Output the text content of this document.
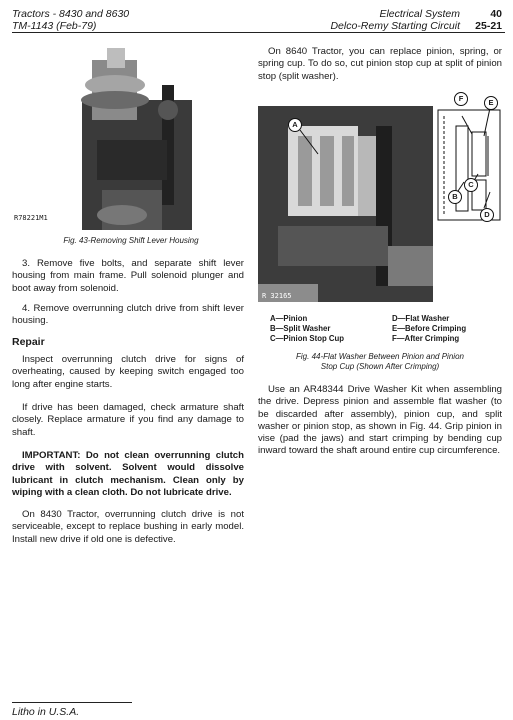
Tractors - 8430 and 8630
TM-1143 (Feb-79)
Electrical System	40
Delco-Remy Starting Circuit	25-21
R78221M1
Fig. 43-Removing Shift Lever Housing
3. Remove five bolts, and separate shift lever housing from main frame. Pull solenoid plunger and boot away from solenoid.
4. Remove overrunning clutch drive from shift lever housing.
Repair
Inspect overrunning clutch drive for signs of overheating, caused by keeping switch engaged too long after engine starts.
If drive has been damaged, check armature shaft closely. Replace armature if you find any damage to shaft.
IMPORTANT: Do not clean overrunning clutch drive with solvent. Solvent would dissolve lubricant in clutch mechanism. Clean only by wiping with a clean cloth. Do not lubricate drive.
On 8430 Tractor, overrunning clutch drive is not serviceable, except to replace bushing in early model. Install new drive if old one is defective.
On 8640 Tractor, you can replace pinion, spring, or spring cup. To do so, cut pinion stop cup at split of pinion stop (split washer).
A
F	E
C
B
D
R 32165
A—Pinion
B—Split Washer
C—Pinion Stop Cup
D—Flat Washer
E—Before Crimping
F—After Crimping
Fig. 44-Flat Washer Between Pinion and Pinion
Stop Cup (Shown After Crimping)
Use an AR48344 Drive Washer Kit when assembling the drive. Depress pinion and assemble flat washer (to be discarded after assembly), pinion cup, and split washer or pinion stop, as shown in Fig. 44. Grip pinion in vise (pad the jaws) and start crimping by bending cup inward toward the shaft around entire cup circumference.
Litho in U.S.A.
